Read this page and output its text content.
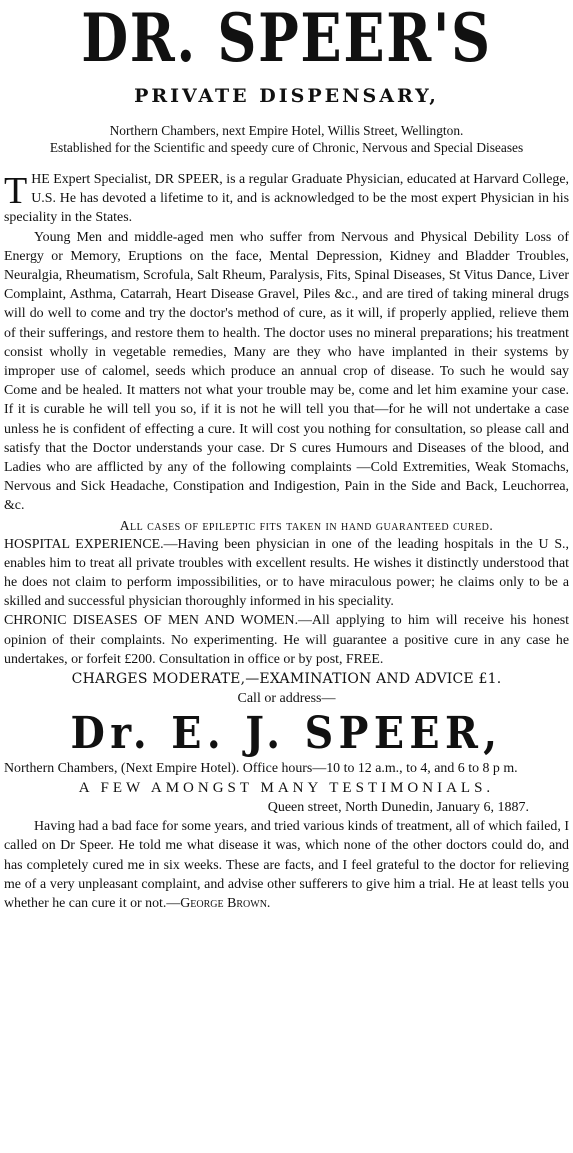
DR. SPEER'S
PRIVATE DISPENSARY,
Northern Chambers, next Empire Hotel, Willis Street, Wellington.
Established for the Scientific and speedy cure of Chronic, Nervous and Special Diseases

THE Expert Specialist, DR SPEER, is a regular Graduate Physician, educated at Harvard College, U.S. He has devoted a lifetime to it, and is acknowledged to be the most expert Physician in his speciality in the States.

Young Men and middle-aged men who suffer from Nervous and Physical Debility Loss of Energy or Memory, Eruptions on the face, Mental Depression, Kidney and Bladder Troubles, Neuralgia, Rheumatism, Scrofula, Salt Rheum, Paralysis, Fits, Spinal Diseases, St Vitus Dance, Liver Complaint, Asthma, Catarrah, Heart Disease Gravel, Piles &c., and are tired of taking mineral drugs will do well to come and try the doctor's method of cure, as it will, if properly applied, relieve them of their sufferings, and restore them to health. The doctor uses no mineral preparations; his treatment consist wholly in vegetable remedies, Many are they who have implanted in their systems by improper use of calomel, seeds which produce an annual crop of disease. To such he would say Come and be healed. It matters not what your trouble may be, come and let him examine your case. If it is curable he will tell you so, if it is not he will tell you that—for he will not undertake a case unless he is confident of effecting a cure. It will cost you nothing for consultation, so please call and satisfy that the Doctor understands your case. Dr S cures Humours and Diseases of the blood, and Ladies who are afflicted by any of the following complaints —Cold Extremities, Weak Stomachs, Nervous and Sick Headache, Constipation and Indigestion, Pain in the Side and Back, Leuchorrea, &c.

All cases of epileptic fits taken in hand guaranteed cured.

HOSPITAL EXPERIENCE.—Having been physician in one of the leading hospitals in the U S., enables him to treat all private troubles with excellent results. He wishes it distinctly understood that he does not claim to perform impossibilities, or to have miraculous power; he claims only to be a skilled and successful physician thoroughly informed in his speciality.

CHRONIC DISEASES OF MEN AND WOMEN.—All applying to him will receive his honest opinion of their complaints. No experimenting. He will guarantee a positive cure in any case he undertakes, or forfeit £200. Consultation in office or by post, FREE.

CHARGES MODERATE,—EXAMINATION AND ADVICE £1.
Call or address—
Dr. E. J. SPEER,

Northern Chambers, (Next Empire Hotel). Office hours—10 to 12 a.m., to 4, and 6 to 8 p m.

A FEW AMONGST MANY TESTIMONIALS.
Queen street, North Dunedin, January 6, 1887.

Having had a bad face for some years, and tried various kinds of treatment, all of which failed, I called on Dr Speer. He told me what disease it was, which none of the other doctors could do, and has completely cured me in six weeks. These are facts, and I feel grateful to the doctor for relieving me of a very unpleasant complaint, and advise other sufferers to give him a trial. He at least tells you whether he can cure it or not.—George Brown.
